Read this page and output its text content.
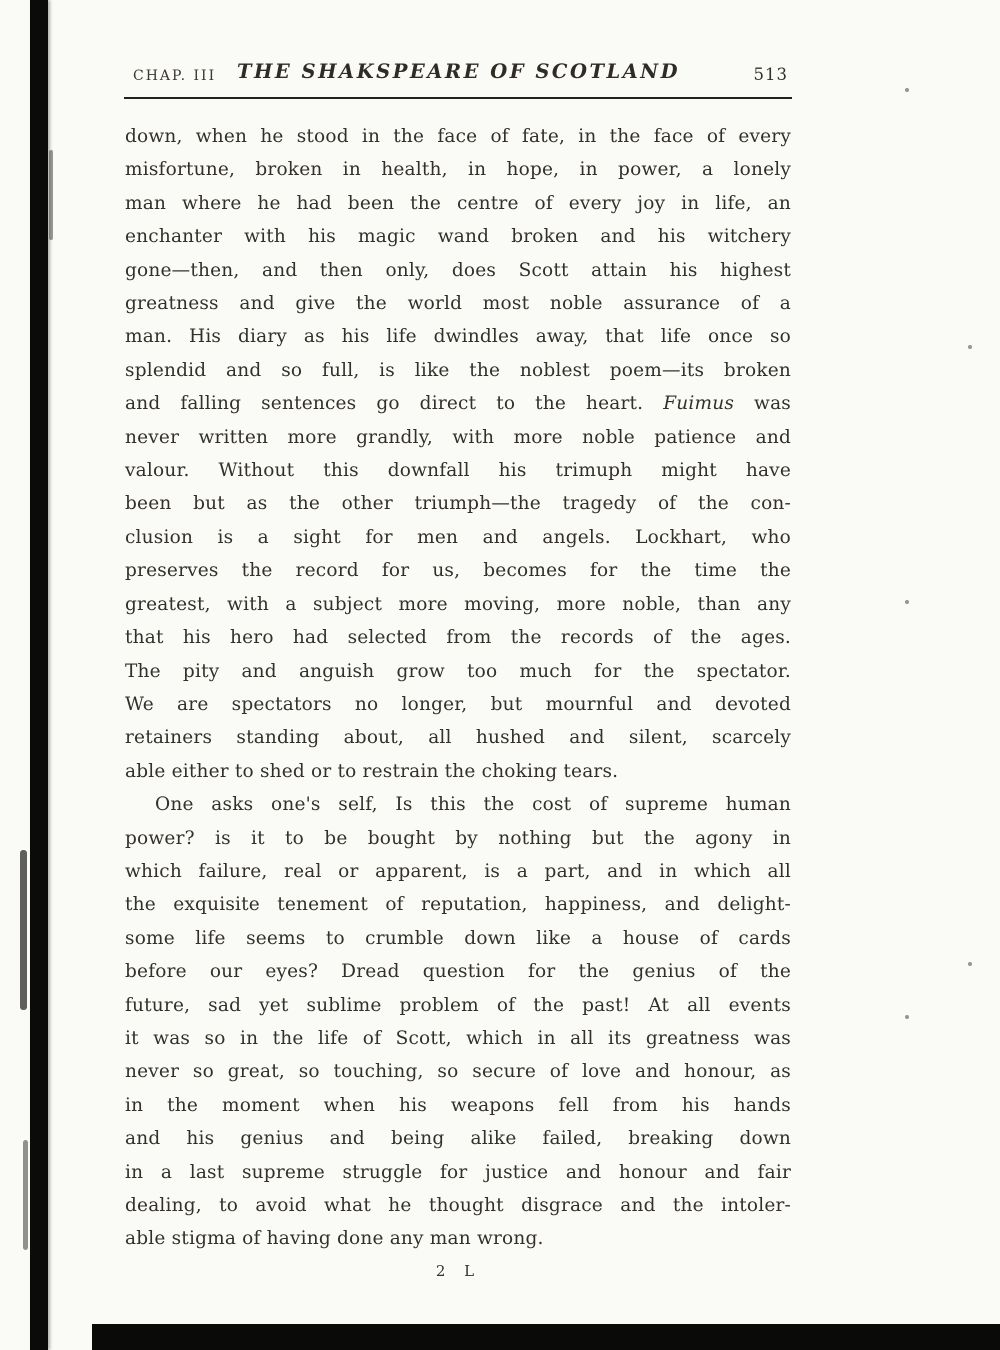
CHAP. III	THE SHAKSPEARE OF SCOTLAND	513
down, when he stood in the face of fate, in the face of every
misfortune, broken in health, in hope, in power, a lonely
man where he had been the centre of every joy in life, an
enchanter with his magic wand broken and his witchery
gone—then, and then only, does Scott attain his highest
greatness and give the world most noble assurance of a
man. His diary as his life dwindles away, that life once so
splendid and so full, is like the noblest poem—its broken
and falling sentences go direct to the heart. Fuimus was
never written more grandly, with more noble patience and
valour. Without this downfall his trimuph might have
been but as the other triumph—the tragedy of the con-
clusion is a sight for men and angels. Lockhart, who
preserves the record for us, becomes for the time the
greatest, with a subject more moving, more noble, than any
that his hero had selected from the records of the ages.
The pity and anguish grow too much for the spectator.
We are spectators no longer, but mournful and devoted
retainers standing about, all hushed and silent, scarcely
able either to shed or to restrain the choking tears.
One asks one's self, Is this the cost of supreme human
power? is it to be bought by nothing but the agony in
which failure, real or apparent, is a part, and in which all
the exquisite tenement of reputation, happiness, and delight-
some life seems to crumble down like a house of cards
before our eyes? Dread question for the genius of the
future, sad yet sublime problem of the past! At all events
it was so in the life of Scott, which in all its greatness was
never so great, so touching, so secure of love and honour, as
in the moment when his weapons fell from his hands
and his genius and being alike failed, breaking down
in a last supreme struggle for justice and honour and fair
dealing, to avoid what he thought disgrace and the intoler-
able stigma of having done any man wrong.
2 L
